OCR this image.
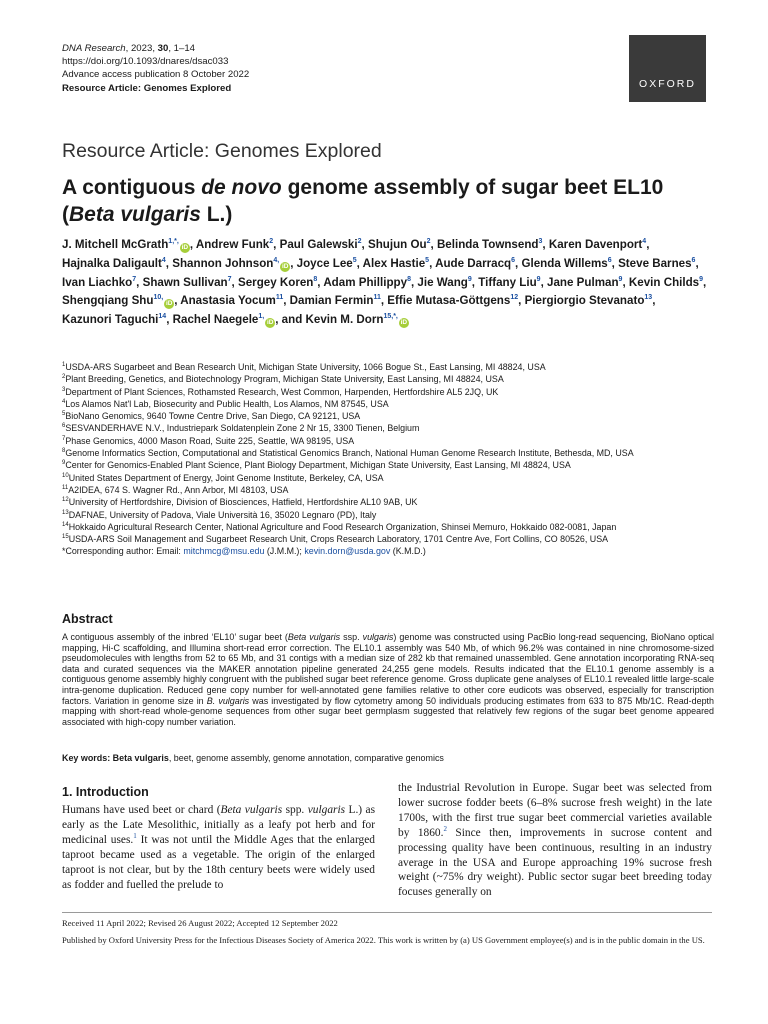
DNA Research, 2023, 30, 1–14
https://doi.org/10.1093/dnares/dsac033
Advance access publication 8 October 2022
Resource Article: Genomes Explored	OXFORD
Resource Article: Genomes Explored
A contiguous de novo genome assembly of sugar beet EL10 (Beta vulgaris L.)
J. Mitchell McGrath$^{1,*,}$iD , Andrew Funk$^2$, Paul Galewski$^2$, Shujun Ou$^2$, Belinda Townsend$^3$, Karen Davenport$^4$, Hajnalka Daligault$^4$, Shannon Johnson$^{4,}$iD , Joyce Lee$^5$, Alex Hastie$^5$, Aude Darracq$^6$, Glenda Willems$^6$, Steve Barnes$^6$, Ivan Liachko$^7$, Shawn Sullivan$^7$, Sergey Koren$^8$, Adam Phillippy$^8$, Jie Wang$^9$, Tiffany Liu$^9$, Jane Pulman$^9$, Kevin Childs$^9$, Shengqiang Shu$^{10,}$iD , Anastasia Yocum$^{11}$, Damian Fermin$^{11}$, Effie Mutasa-Göttgens$^{12}$, Piergiorgio Stevanato$^{13}$, Kazunori Taguchi$^{14}$, Rachel Naegele$^{1,}$iD , and Kevin M. Dorn$^{15,*,}$iD
$^1$USDA-ARS Sugarbeet and Bean Research Unit, Michigan State University, 1066 Bogue St., East Lansing, MI 48824, USA
$^2$Plant Breeding, Genetics, and Biotechnology Program, Michigan State University, East Lansing, MI 48824, USA
$^3$Department of Plant Sciences, Rothamsted Research, West Common, Harpenden, Hertfordshire AL5 2JQ, UK
$^4$Los Alamos Nat'l Lab, Biosecurity and Public Health, Los Alamos, NM 87545, USA
$^5$BioNano Genomics, 9640 Towne Centre Drive, San Diego, CA 92121, USA
$^6$SESVANDERHAVE N.V., Industriepark Soldatenplein Zone 2 Nr 15, 3300 Tienen, Belgium
$^7$Phase Genomics, 4000 Mason Road, Suite 225, Seattle, WA 98195, USA
$^8$Genome Informatics Section, Computational and Statistical Genomics Branch, National Human Genome Research Institute, Bethesda, MD, USA
$^9$Center for Genomics-Enabled Plant Science, Plant Biology Department, Michigan State University, East Lansing, MI 48824, USA
$^{10}$United States Department of Energy, Joint Genome Institute, Berkeley, CA, USA
$^{11}$A2IDEA, 674 S. Wagner Rd., Ann Arbor, MI 48103, USA
$^{12}$University of Hertfordshire, Division of Biosciences, Hatfield, Hertfordshire AL10 9AB, UK
$^{13}$DAFNAE, University of Padova, Viale Università 16, 35020 Legnaro (PD), Italy
$^{14}$Hokkaido Agricultural Research Center, National Agriculture and Food Research Organization, Shinsei Memuro, Hokkaido 082-0081, Japan
$^{15}$USDA-ARS Soil Management and Sugarbeet Research Unit, Crops Research Laboratory, 1701 Centre Ave, Fort Collins, CO 80526, USA
*Corresponding author: Email: mitchmcg@msu.edu (J.M.M.); kevin.dorn@usda.gov (K.M.D.)
Abstract
A contiguous assembly of the inbred ‘EL10’ sugar beet (Beta vulgaris ssp. vulgaris) genome was constructed using PacBio long-read sequencing, BioNano optical mapping, Hi-C scaffolding, and Illumina short-read error correction. The EL10.1 assembly was 540 Mb, of which 96.2% was contained in nine chromosome-sized pseudomolecules with lengths from 52 to 65 Mb, and 31 contigs with a median size of 282 kb that remained unassembled. Gene annotation incorporating RNA-seq data and curated sequences via the MAKER annotation pipeline generated 24,255 gene models. Results indicated that the EL10.1 genome assembly is a contiguous genome assembly highly congruent with the published sugar beet reference genome. Gross duplicate gene analyses of EL10.1 revealed little large-scale intra-genome duplication. Reduced gene copy number for well-annotated gene families relative to other core eudicots was observed, especially for transcription factors. Variation in genome size in B. vulgaris was investigated by flow cytometry among 50 individuals producing estimates from 633 to 875 Mb/1C. Read-depth mapping with short-read whole-genome sequences from other sugar beet germplasm suggested that relatively few regions of the sugar beet genome appeared associated with high-copy number variation.
Key words: Beta vulgaris, beet, genome assembly, genome annotation, comparative genomics
1. Introduction
Humans have used beet or chard (Beta vulgaris spp. vulgaris L.) as early as the Late Mesolithic, initially as a leafy pot herb and for medicinal uses.$^1$ It was not until the Middle Ages that the enlarged taproot became used as a vegetable. The origin of the enlarged taproot is not clear, but by the 18th century beets were widely used as fodder and fuelled the prelude to
the Industrial Revolution in Europe. Sugar beet was selected from lower sucrose fodder beets (6–8% sucrose fresh weight) in the late 1700s, with the first true sugar beet commercial varieties available by 1860.$^2$ Since then, improvements in sucrose content and processing quality have been continuous, resulting in an industry average in the USA and Europe approaching 19% sucrose fresh weight (~75% dry weight). Public sector sugar beet breeding today focuses generally on
Received 11 April 2022; Revised 26 August 2022; Accepted 12 September 2022
Published by Oxford University Press for the Infectious Diseases Society of America 2022. This work is written by (a) US Government employee(s) and is in the public domain in the US.
